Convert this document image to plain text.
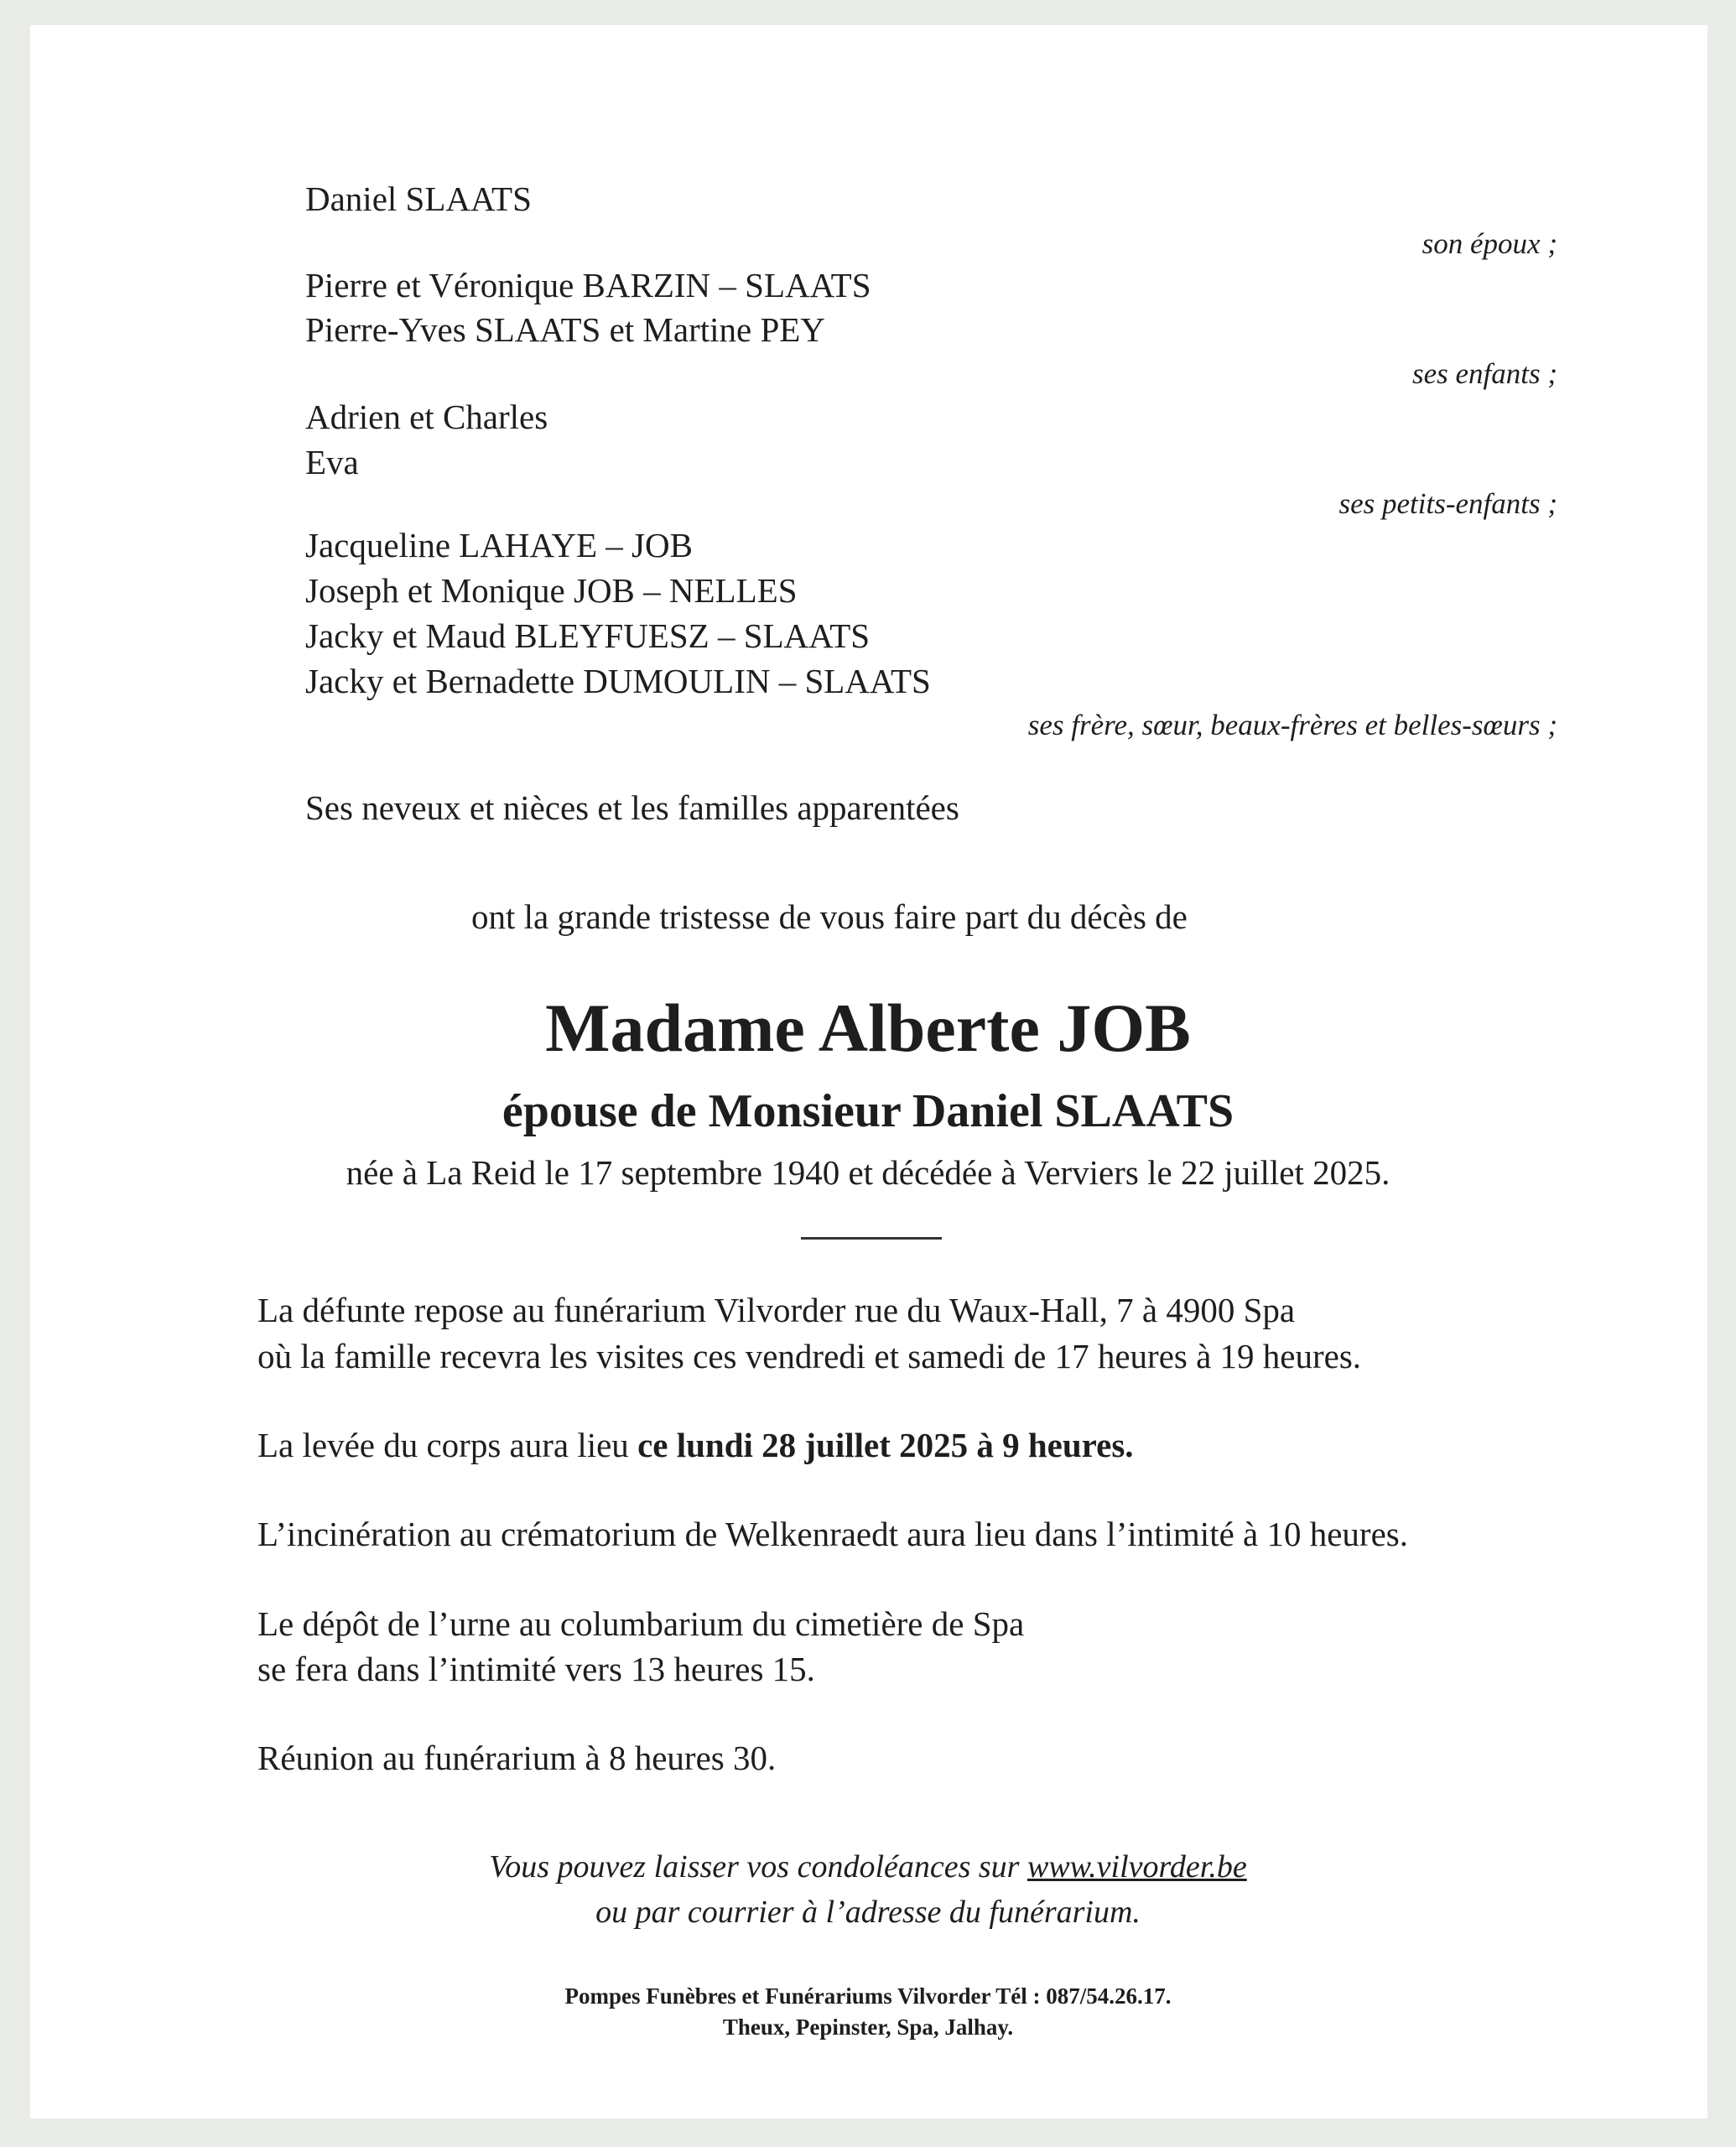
Daniel SLAATS
son époux ;
Pierre et Véronique BARZIN – SLAATS
Pierre-Yves SLAATS et Martine PEY
ses enfants ;
Adrien et Charles
Eva
ses petits-enfants ;
Jacqueline LAHAYE – JOB
Joseph et Monique JOB – NELLES
Jacky et Maud BLEYFUESZ – SLAATS
Jacky et Bernadette DUMOULIN – SLAATS
ses frère, sœur, beaux-frères et belles-sœurs ;
Ses neveux et nièces et les familles apparentées
ont la grande tristesse de vous faire part du décès de
Madame Alberte JOB
épouse de Monsieur Daniel SLAATS
née à La Reid le 17 septembre 1940 et décédée à Verviers le 22 juillet 2025.
La défunte repose au funérarium Vilvorder rue du Waux-Hall, 7 à 4900 Spa
où la famille recevra les visites ces vendredi et samedi de 17 heures à 19 heures.
La levée du corps aura lieu ce lundi 28 juillet 2025 à 9 heures.
L’incinération au crématorium de Welkenraedt aura lieu dans l’intimité à 10 heures.
Le dépôt de l’urne au columbarium du cimetière de Spa
se fera dans l’intimité vers 13 heures 15.
Réunion au funérarium à 8 heures 30.
Vous pouvez laisser vos condoléances sur www.vilvorder.be
ou par courrier à l’adresse du funérarium.
Pompes Funèbres et Funérariums Vilvorder Tél : 087/54.26.17.
Theux, Pepinster, Spa, Jalhay.
